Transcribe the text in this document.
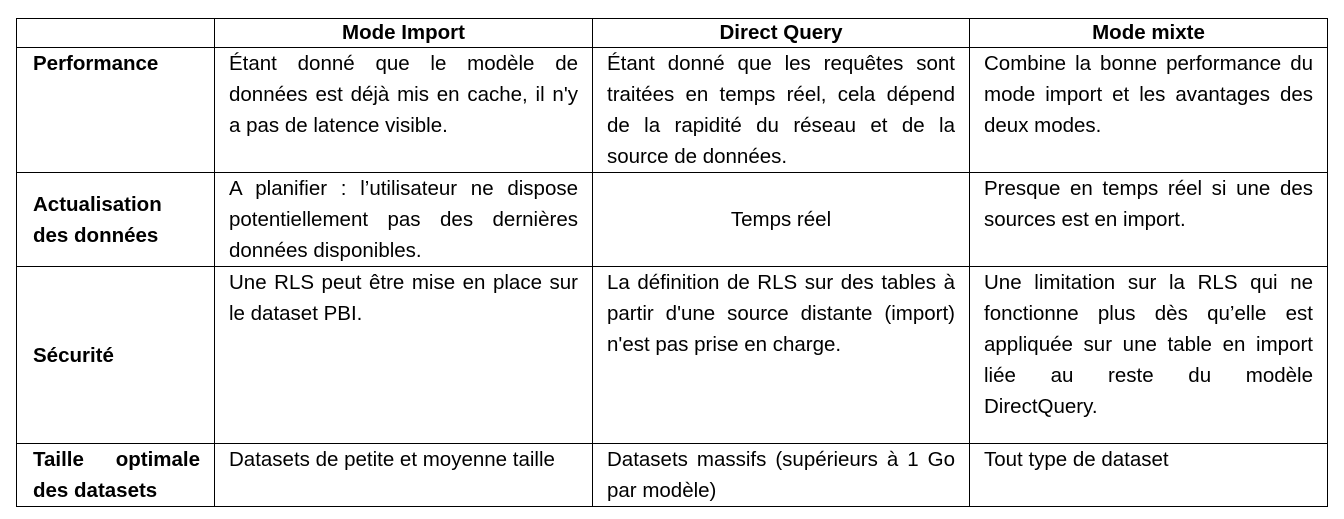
	Mode Import	Direct Query	Mode mixte
Performance	Étant donné que le modèle de données est déjà mis en cache, il n'y a pas de latence visible.	Étant donné que les requêtes sont traitées en temps réel, cela dépend de la rapidité du réseau et de la source de données.	Combine la bonne performance du mode import et les avantages des deux modes.
Actualisation des données	A planifier : l’utilisateur ne dispose potentiellement pas des dernières données disponibles.	Temps réel	Presque en temps réel si une des sources est en import.
Sécurité	Une RLS peut être mise en place sur le dataset PBI.	La définition de RLS sur des tables à partir d'une source distante (import) n'est pas prise en charge.	Une limitation sur la RLS qui ne fonctionne plus dès qu’elle est appliquée sur une table en import liée au reste du modèle DirectQuery.
Taille optimale des datasets	Datasets de petite et moyenne taille	Datasets massifs (supérieurs à 1 Go par modèle)	Tout type de dataset
